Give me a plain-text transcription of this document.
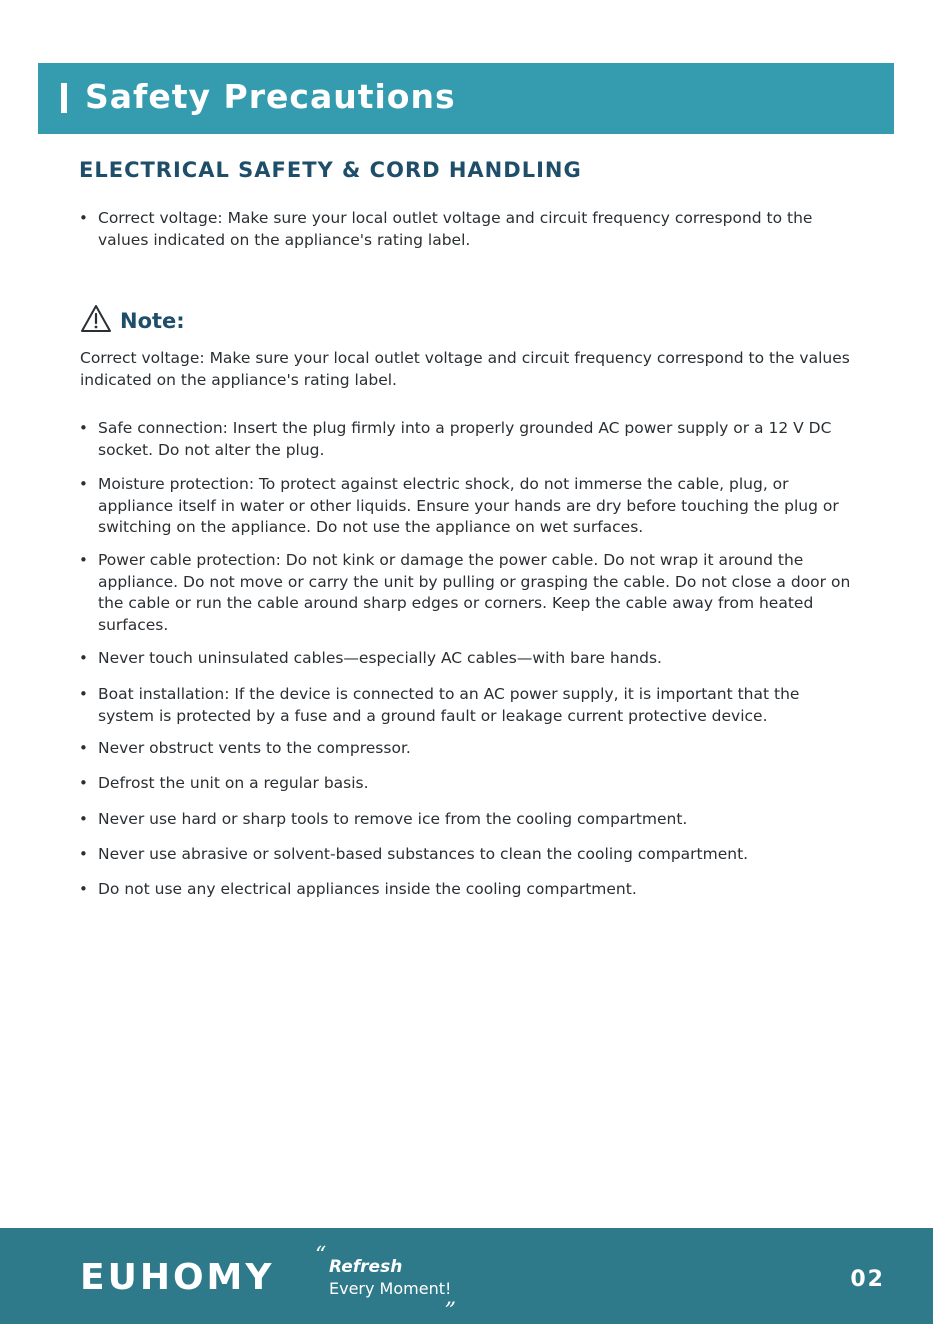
Safety Precautions
ELECTRICAL SAFETY & CORD HANDLING
• Correct voltage: Make sure your local outlet voltage and circuit frequency correspond to the values indicated on the appliance's rating label.
Note:
Correct voltage: Make sure your local outlet voltage and circuit frequency correspond to the values indicated on the appliance's rating label.
• Safe connection: Insert the plug firmly into a properly grounded AC power supply or a 12 V DC socket. Do not alter the plug.
• Moisture protection: To protect against electric shock, do not immerse the cable, plug, or appliance itself in water or other liquids. Ensure your hands are dry before touching the plug or switching on the appliance. Do not use the appliance on wet surfaces.
• Power cable protection: Do not kink or damage the power cable. Do not wrap it around the appliance. Do not move or carry the unit by pulling or grasping the cable. Do not close a door on the cable or run the cable around sharp edges or corners. Keep the cable away from heated surfaces.
• Never touch uninsulated cables—especially AC cables—with bare hands.
• Boat installation: If the device is connected to an AC power supply, it is important that the system is protected by a fuse and a ground fault or leakage current protective device.
• Never obstruct vents to the compressor.
• Defrost the unit on a regular basis.
• Never use hard or sharp tools to remove ice from the cooling compartment.
• Never use abrasive or solvent-based substances to clean the cooling compartment.
• Do not use any electrical appliances inside the cooling compartment.
EUHOMY
“ Refresh
Every Moment!
„
02
